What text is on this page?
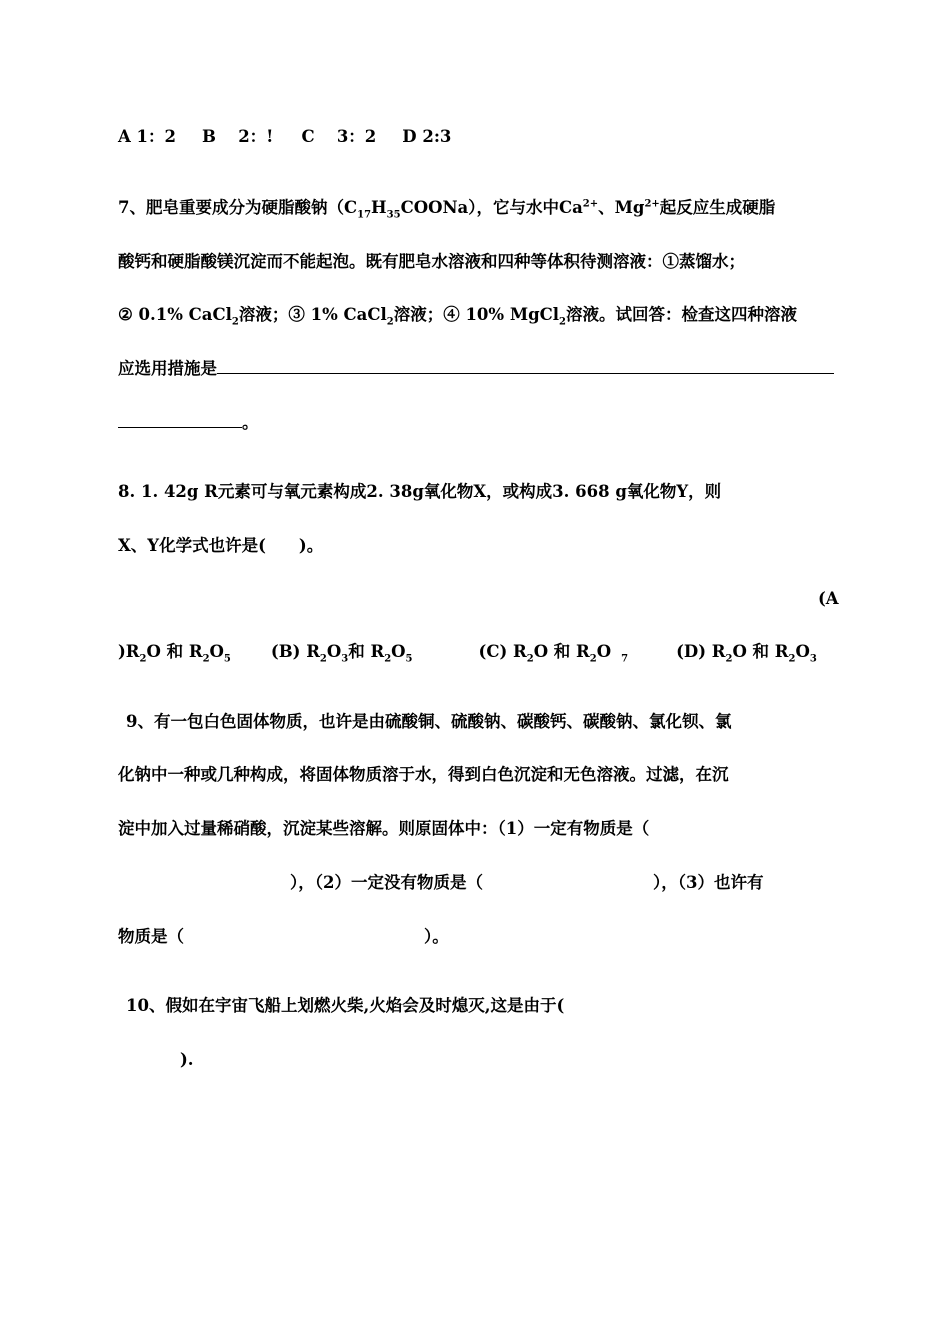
A 1：2 B　 2：! C　 3：2 D 2:3
7、肥皂重要成分为硬脂酸钠$(C_{17}H_{35}COONa)$，它与水中$Ca^{2+}$、$Mg^{2+}$起反应生成硬脂
酸钙和硬脂酸镁沉淀而不能起泡。既有肥皂水溶液和四种等体积待测溶液：①蒸馏水；
② 0.1% CaCl$_2$溶液；③ 1% CaCl$_2$溶液；④ 10% MgCl$_2$溶液。试回答：检查这四种溶液
应选用措施是
。
8. 1. 42g R元素可与氧元素构成2. 38g氧化物X，或构成3. 668 g氧化物Y，则
X、Y化学式也许是(　　)。
(A
)$R_2O$ 和 $R_2O_5$ (B) $R_2O_3$和 $R_2O_5$	(C) $R_2O$ 和 $R_2O$ $_7$	(D) $R_2O$ 和 $R_2O_3$
9、有一包白色固体物质，也许是由硫酸铜、硫酸钠、碳酸钙、碳酸钠、氯化钡、氯
化钠中一种或几种构成，将固体物质溶于水，得到白色沉淀和无色溶液。过滤，在沉
淀中加入过量稀硝酸，沉淀某些溶解。则原固体中：（1）一定有物质是（
），（2）一定没有物质是（	），（3）也许有
物质是（	）。
10、假如在宇宙飞船上划燃火柴,火焰会及时熄灭,这是由于(
).
